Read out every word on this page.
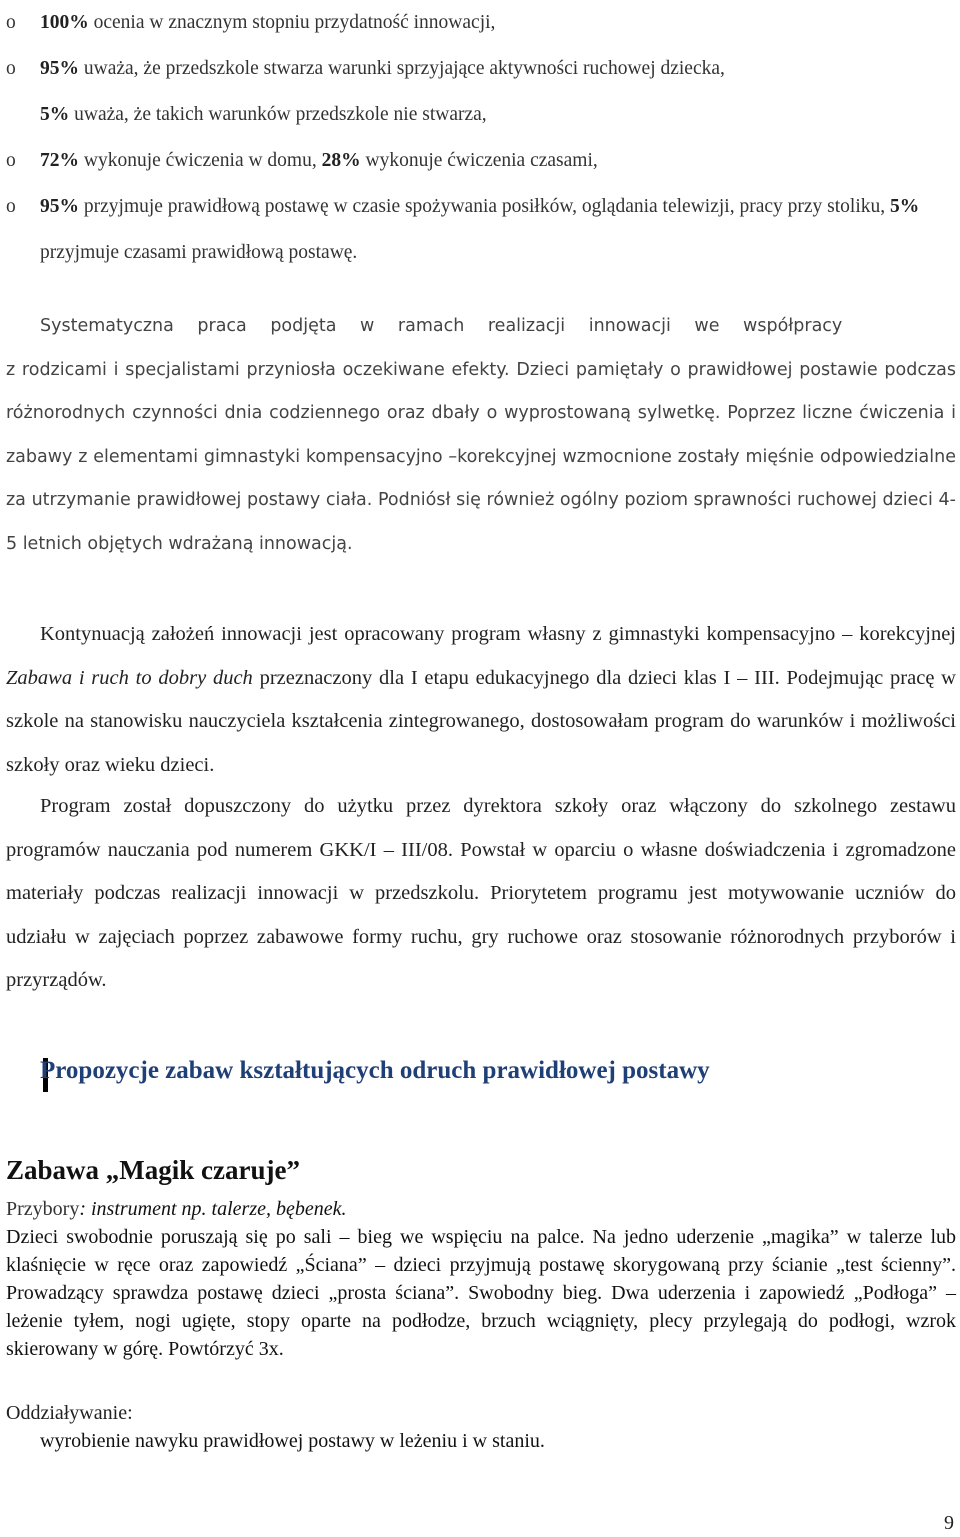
o 100% ocenia w znacznym stopniu przydatność innowacji,
o 95% uważa, że przedszkole stwarza warunki sprzyjające aktywności ruchowej dziecka,
5% uważa, że takich warunków przedszkole nie stwarza,
o 72% wykonuje ćwiczenia w domu, 28% wykonuje ćwiczenia czasami,
o 95% przyjmuje prawidłową postawę w czasie spożywania posiłków, oglądania telewizji, pracy przy stoliku, 5% przyjmuje czasami prawidłową postawę.
Systematyczna praca podjęta w ramach realizacji innowacji we współpracy
z rodzicami i specjalistami przyniosła oczekiwane efekty. Dzieci pamiętały o prawidłowej postawie podczas różnorodnych czynności dnia codziennego oraz dbały o wyprostowaną sylwetkę. Poprzez liczne ćwiczenia i zabawy z elementami gimnastyki kompensacyjno –korekcyjnej wzmocnione zostały mięśnie odpowiedzialne za utrzymanie prawidłowej postawy ciała. Podniósł się również ogólny poziom sprawności ruchowej dzieci 4-5 letnich objętych wdrażaną innowacją.
Kontynuacją założeń innowacji jest opracowany program własny z gimnastyki kompensacyjno – korekcyjnej Zabawa i ruch to dobry duch przeznaczony dla I etapu edukacyjnego dla dzieci klas I – III. Podejmując pracę w szkole na stanowisku nauczyciela kształcenia zintegrowanego, dostosowałam program do warunków i możliwości szkoły oraz wieku dzieci.
Program został dopuszczony do użytku przez dyrektora szkoły oraz włączony do szkolnego zestawu programów nauczania pod numerem GKK/I – III/08. Powstał w oparciu o własne doświadczenia i zgromadzone materiały podczas realizacji innowacji w przedszkolu. Priorytetem programu jest motywowanie uczniów do udziału w zajęciach poprzez zabawowe formy ruchu, gry ruchowe oraz stosowanie różnorodnych przyborów i przyrządów.
Propozycje zabaw kształtujących odruch prawidłowej postawy
Zabawa „Magik czaruje”
Przybory: instrument np. talerze, bębenek.
Dzieci swobodnie poruszają się po sali – bieg we wspięciu na palce. Na jedno uderzenie „magika” w talerze lub klaśnięcie w ręce oraz zapowiedź „Ściana” – dzieci przyjmują postawę skorygowaną przy ścianie „test ścienny”. Prowadzący sprawdza postawę dzieci „prosta ściana”. Swobodny bieg. Dwa uderzenia i zapowiedź „Podłoga” – leżenie tyłem, nogi ugięte, stopy oparte na podłodze, brzuch wciągnięty, plecy przylegają do podłogi, wzrok skierowany w górę. Powtórzyć 3x.
Oddziaływanie:
wyrobienie nawyku prawidłowej postawy w leżeniu i w staniu.
9
